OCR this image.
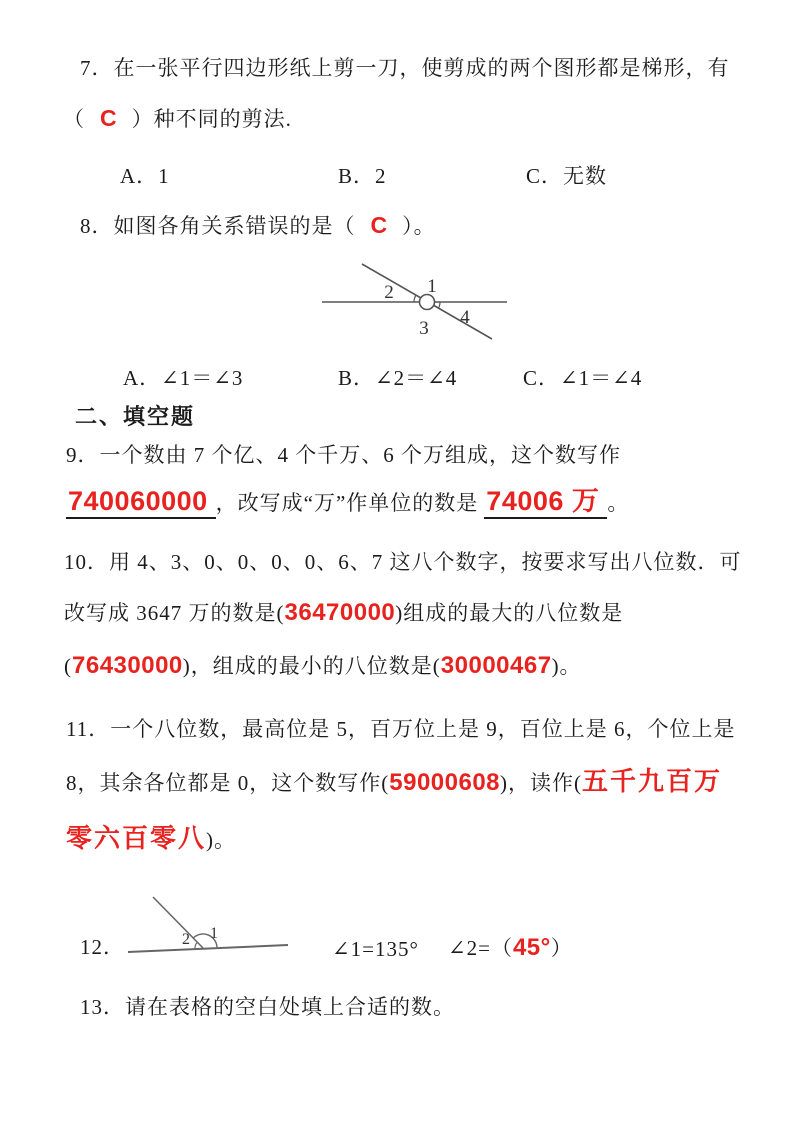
7．在一张平行四边形纸上剪一刀，使剪成的两个图形都是梯形，有
（ C ）种不同的剪法.
A．1	B．2	C．无数
8．如图各角关系错误的是（ C ）。
1
2
3
4
A．∠1＝∠3	B．∠2＝∠4	C．∠1＝∠4
二、填空题
9．一个数由 7 个亿、4 个千万、6 个万组成，这个数写作
740060000 ，改写成“万”作单位的数是 74006 万 。
10．用 4、3、0、0、0、0、6、7 这八个数字，按要求写出八位数．可
改写成 3647 万的数是(36470000)组成的最大的八位数是
(76430000)，组成的最小的八位数是(30000467)。
11．一个八位数，最高位是 5，百万位上是 9，百位上是 6，个位上是
8，其余各位都是 0，这个数写作(59000608)，读作(五千九百万
零六百零八)。
12．	2 1
∠1=135° ∠2=（45°）
13．请在表格的空白处填上合适的数。
